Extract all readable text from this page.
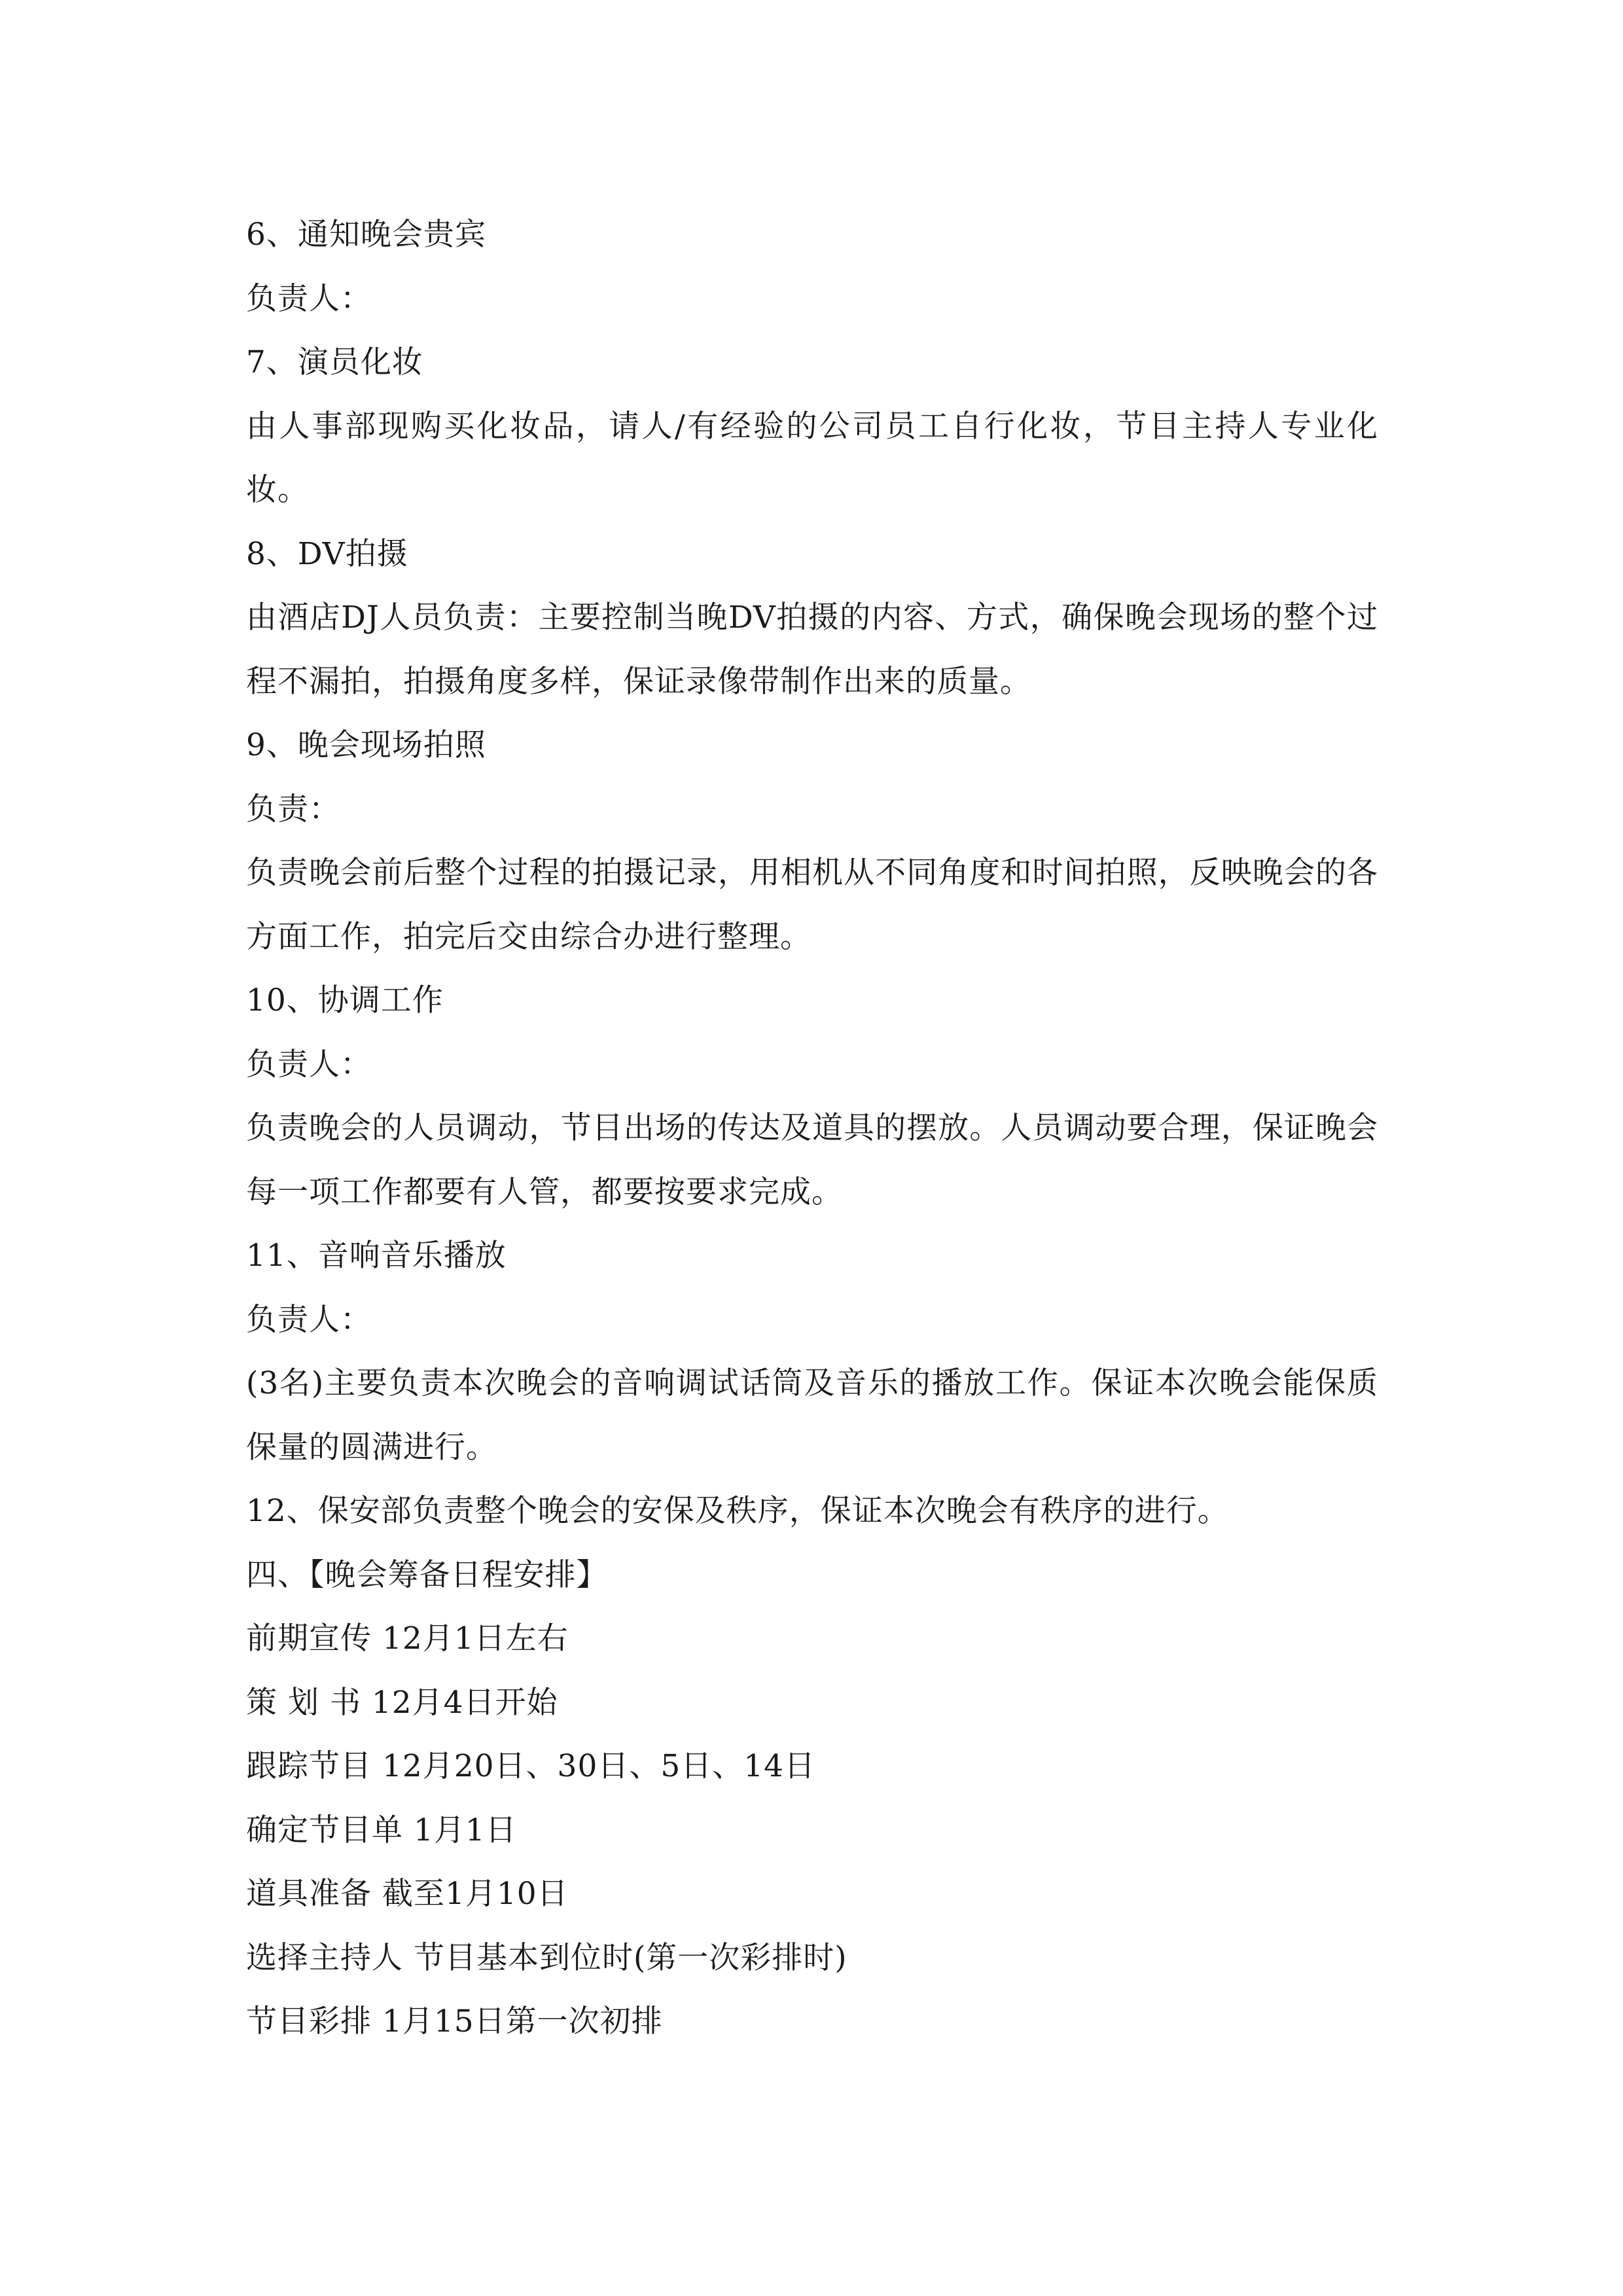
6、通知晚会贵宾
负责人：
7、演员化妆
由人事部现购买化妆品，请人/有经验的公司员工自行化妆，节目主持人专业化妆。
8、DV拍摄
由酒店DJ人员负责：主要控制当晚DV拍摄的内容、方式，确保晚会现场的整个过程不漏拍，拍摄角度多样，保证录像带制作出来的质量。
9、晚会现场拍照
负责：
负责晚会前后整个过程的拍摄记录，用相机从不同角度和时间拍照，反映晚会的各方面工作，拍完后交由综合办进行整理。
10、协调工作
负责人：
负责晚会的人员调动，节目出场的传达及道具的摆放。人员调动要合理，保证晚会每一项工作都要有人管，都要按要求完成。
11、音响音乐播放
负责人：
(3名)主要负责本次晚会的音响调试话筒及音乐的播放工作。保证本次晚会能保质保量的圆满进行。
12、保安部负责整个晚会的安保及秩序，保证本次晚会有秩序的进行。
四、【晚会筹备日程安排】
前期宣传 12月1日左右
策 划 书 12月4日开始
跟踪节目 12月20日、30日、5日、14日
确定节目单 1月1日
道具准备 截至1月10日
选择主持人 节目基本到位时(第一次彩排时)
节目彩排 1月15日第一次初排
